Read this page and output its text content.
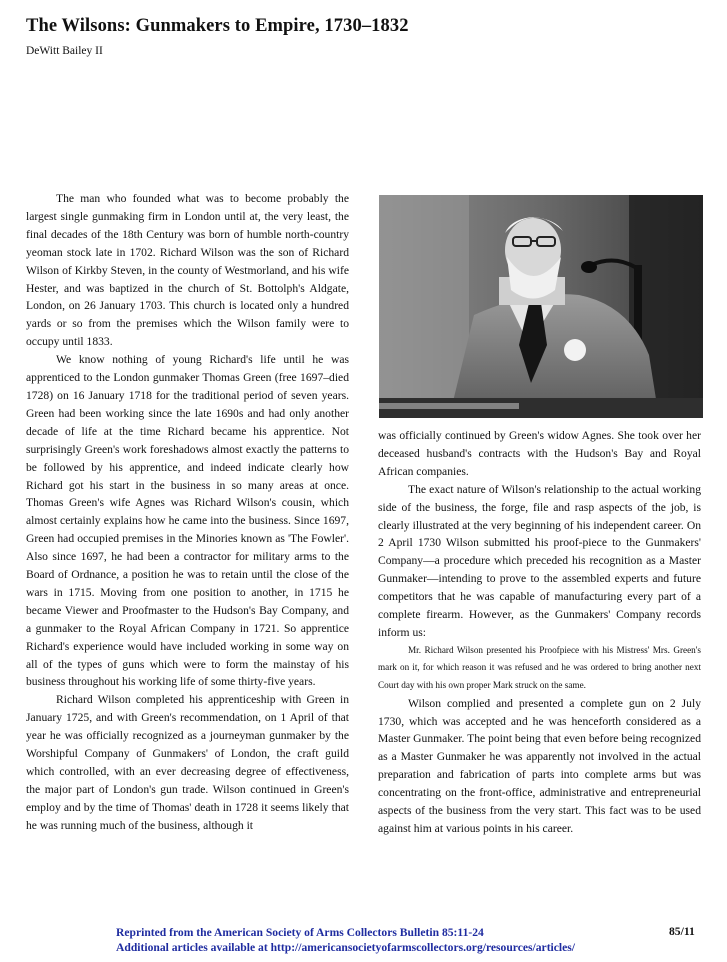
The Wilsons: Gunmakers to Empire, 1730–1832
DeWitt Bailey II

The man who founded what was to become probably the largest single gunmaking firm in London until at, the very least, the final decades of the 18th Century was born of humble north-country yeoman stock late in 1702. Richard Wilson was the son of Richard Wilson of Kirkby Steven, in the county of Westmorland, and his wife Hester, and was baptized in the church of St. Bottolph's Aldgate, London, on 26 January 1703. This church is located only a hundred yards or so from the premises which the Wilson family were to occupy until 1833.

We know nothing of young Richard's life until he was apprenticed to the London gunmaker Thomas Green (free 1697–died 1728) on 16 January 1718 for the traditional period of seven years. Green had been working since the late 1690s and had only another decade of life at the time Richard became his apprentice. Not surprisingly Green's work foreshadows almost exactly the patterns to be followed by his apprentice, and indeed indicate clearly how Richard got his start in the business in so many areas at once. Thomas Green's wife Agnes was Richard Wilson's cousin, which almost certainly explains how he came into the business. Since 1697, Green had occupied premises in the Minories known as 'The Fowler'. Also since 1697, he had been a contractor for military arms to the Board of Ordnance, a position he was to retain until the close of the wars in 1715. Moving from one position to another, in 1715 he became Viewer and Proofmaster to the Hudson's Bay Company, and a gunmaker to the Royal African Company in 1721. So apprentice Richard's experience would have included working in some way on all of the types of guns which were to form the mainstay of his business throughout his working life of some thirty-five years.

Richard Wilson completed his apprenticeship with Green in January 1725, and with Green's recommendation, on 1 April of that year he was officially recognized as a journeyman gunmaker by the Worshipful Company of Gunmakers' of London, the craft guild which controlled, with an ever decreasing degree of effectiveness, the major part of London's gun trade. Wilson continued in Green's employ and by the time of Thomas' death in 1728 it seems likely that he was running much of the business, although it

was officially continued by Green's widow Agnes. She took over her deceased husband's contracts with the Hudson's Bay and Royal African companies.

The exact nature of Wilson's relationship to the actual working side of the business, the forge, file and rasp aspects of the job, is clearly illustrated at the very beginning of his independent career. On 2 April 1730 Wilson submitted his proof-piece to the Gunmakers' Company—a procedure which preceded his recognition as a Master Gunmaker—intending to prove to the assembled experts and future competitors that he was capable of manufacturing every part of a complete firearm. However, as the Gunmakers' Company records inform us:

Mr. Richard Wilson presented his Proofpiece with his Mistress' Mrs. Green's mark on it, for which reason it was refused and he was ordered to bring another next Court day with his own proper Mark struck on the same.

Wilson complied and presented a complete gun on 2 July 1730, which was accepted and he was henceforth considered as a Master Gunmaker. The point being that even before being recognized as a Master Gunmaker he was apparently not involved in the actual preparation and fabrication of parts into complete arms but was concentrating on the front-office, administrative and entrepreneurial aspects of the business from the very start. This fact was to be used against him at various points in his career.

Reprinted from the American Society of Arms Collectors Bulletin 85:11-24
Additional articles available at http://americansocietyofarmscollectors.org/resources/articles/
85/11
